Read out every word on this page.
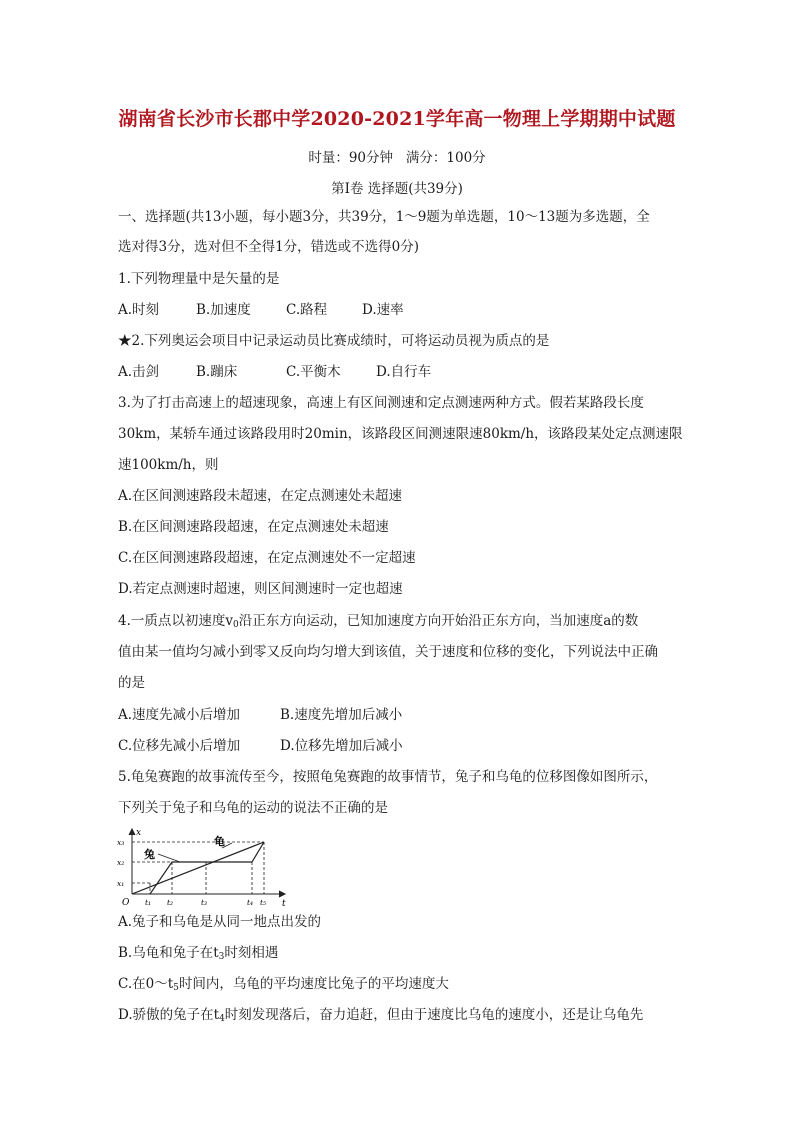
湖南省长沙市长郡中学2020-2021学年高一物理上学期期中试题
时量：90分钟 满分：100分
第I卷 选择题(共39分)
一、选择题(共13小题，每小题3分，共39分，1～9题为单选题，10～13题为多选题，全
选对得3分，选对但不全得1分，错选或不选得0分)
1.下列物理量中是矢量的是
A.时刻	B.加速度	C.路程	D.速率
★2.下列奥运会项目中记录运动员比赛成绩时，可将运动员视为质点的是
A.击剑	B.蹦床	C.平衡木	D.自行车
3.为了打击高速上的超速现象，高速上有区间测速和定点测速两种方式。假若某路段长度
30km，某轿车通过该路段用时20min，该路段区间测速限速80km/h，该路段某处定点测速限
速100km/h，则
A.在区间测速路段未超速，在定点测速处未超速
B.在区间测速路段超速，在定点测速处未超速
C.在区间测速路段超速，在定点测速处不一定超速
D.若定点测速时超速，则区间测速时一定也超速
4.一质点以初速度$v_0$沿正东方向运动，已知加速度方向开始沿正东方向，当加速度a的数
值由某一值均匀减小到零又反向均匀增大到该值，关于速度和位移的变化，下列说法中正确
的是
A.速度先减小后增加	B.速度先增加后减小
C.位移先减小后增加	D.位移先增加后减小
5.龟兔赛跑的故事流传至今，按照龟兔赛跑的故事情节，兔子和乌龟的位移图像如图所示，
下列关于兔子和乌龟的运动的说法不正确的是
x
t
O
兔
龟
x₃
x₂
x₁
t₁ t₂	t₃	t₄ t₅
A.兔子和乌龟是从同一地点出发的
B.乌龟和兔子在$t_3$时刻相遇
C.在$0\sim t_5$时间内，乌龟的平均速度比兔子的平均速度大
D.骄傲的兔子在$t_4$时刻发现落后，奋力追赶，但由于速度比乌龟的速度小，还是让乌龟先
